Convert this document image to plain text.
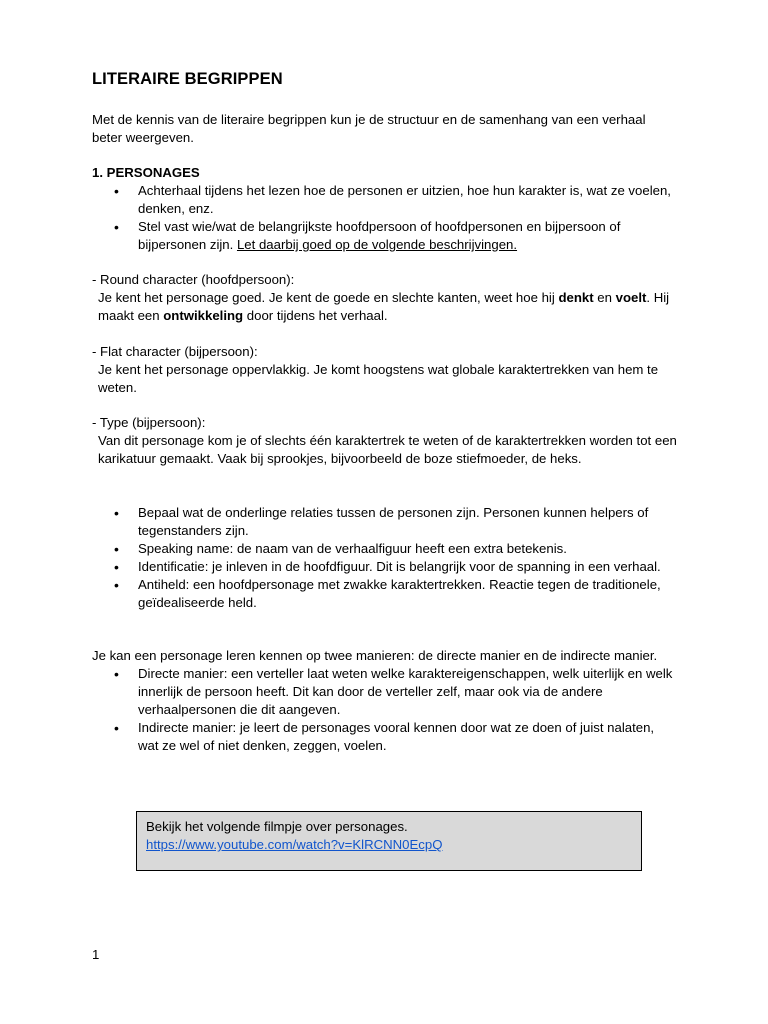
LITERAIRE BEGRIPPEN

Met de kennis van de literaire begrippen kun je de structuur en de samenhang van een verhaal beter weergeven.

1. PERSONAGES

• Achterhaal tijdens het lezen hoe de personen er uitzien, hoe hun karakter is, wat ze voelen, denken, enz.
• Stel vast wie/wat de belangrijkste hoofdpersoon of hoofdpersonen en bijpersoon of bijpersonen zijn. Let daarbij goed op de volgende beschrijvingen.

- Round character (hoofdpersoon):

Je kent het personage goed. Je kent de goede en slechte kanten, weet hoe hij denkt en voelt. Hij maakt een ontwikkeling door tijdens het verhaal.

- Flat character (bijpersoon):

Je kent het personage oppervlakkig. Je komt hoogstens wat globale karaktertrekken van hem te weten.

- Type (bijpersoon):

Van dit personage kom je of slechts één karaktertrek te weten of de karaktertrekken worden tot een karikatuur gemaakt. Vaak bij sprookjes, bijvoorbeeld de boze stiefmoeder, de heks.

• Bepaal wat de onderlinge relaties tussen de personen zijn. Personen kunnen helpers of tegenstanders zijn.
• Speaking name: de naam van de verhaalfiguur heeft een extra betekenis.
• Identificatie: je inleven in de hoofdfiguur. Dit is belangrijk voor de spanning in een verhaal.
• Antiheld: een hoofdpersonage met zwakke karaktertrekken. Reactie tegen de traditionele, geïdealiseerde held.

Je kan een personage leren kennen op twee manieren: de directe manier en de indirecte manier.

• Directe manier: een verteller laat weten welke karaktereigenschappen, welk uiterlijk en welk innerlijk de persoon heeft. Dit kan door de verteller zelf, maar ook via de andere verhaalpersonen die dit aangeven.
• Indirecte manier: je leert de personages vooral kennen door wat ze doen of juist nalaten, wat ze wel of niet denken, zeggen, voelen.

Bekijk het volgende filmpje over personages.

https://www.youtube.com/watch?v=KlRCNN0EcpQ
1
